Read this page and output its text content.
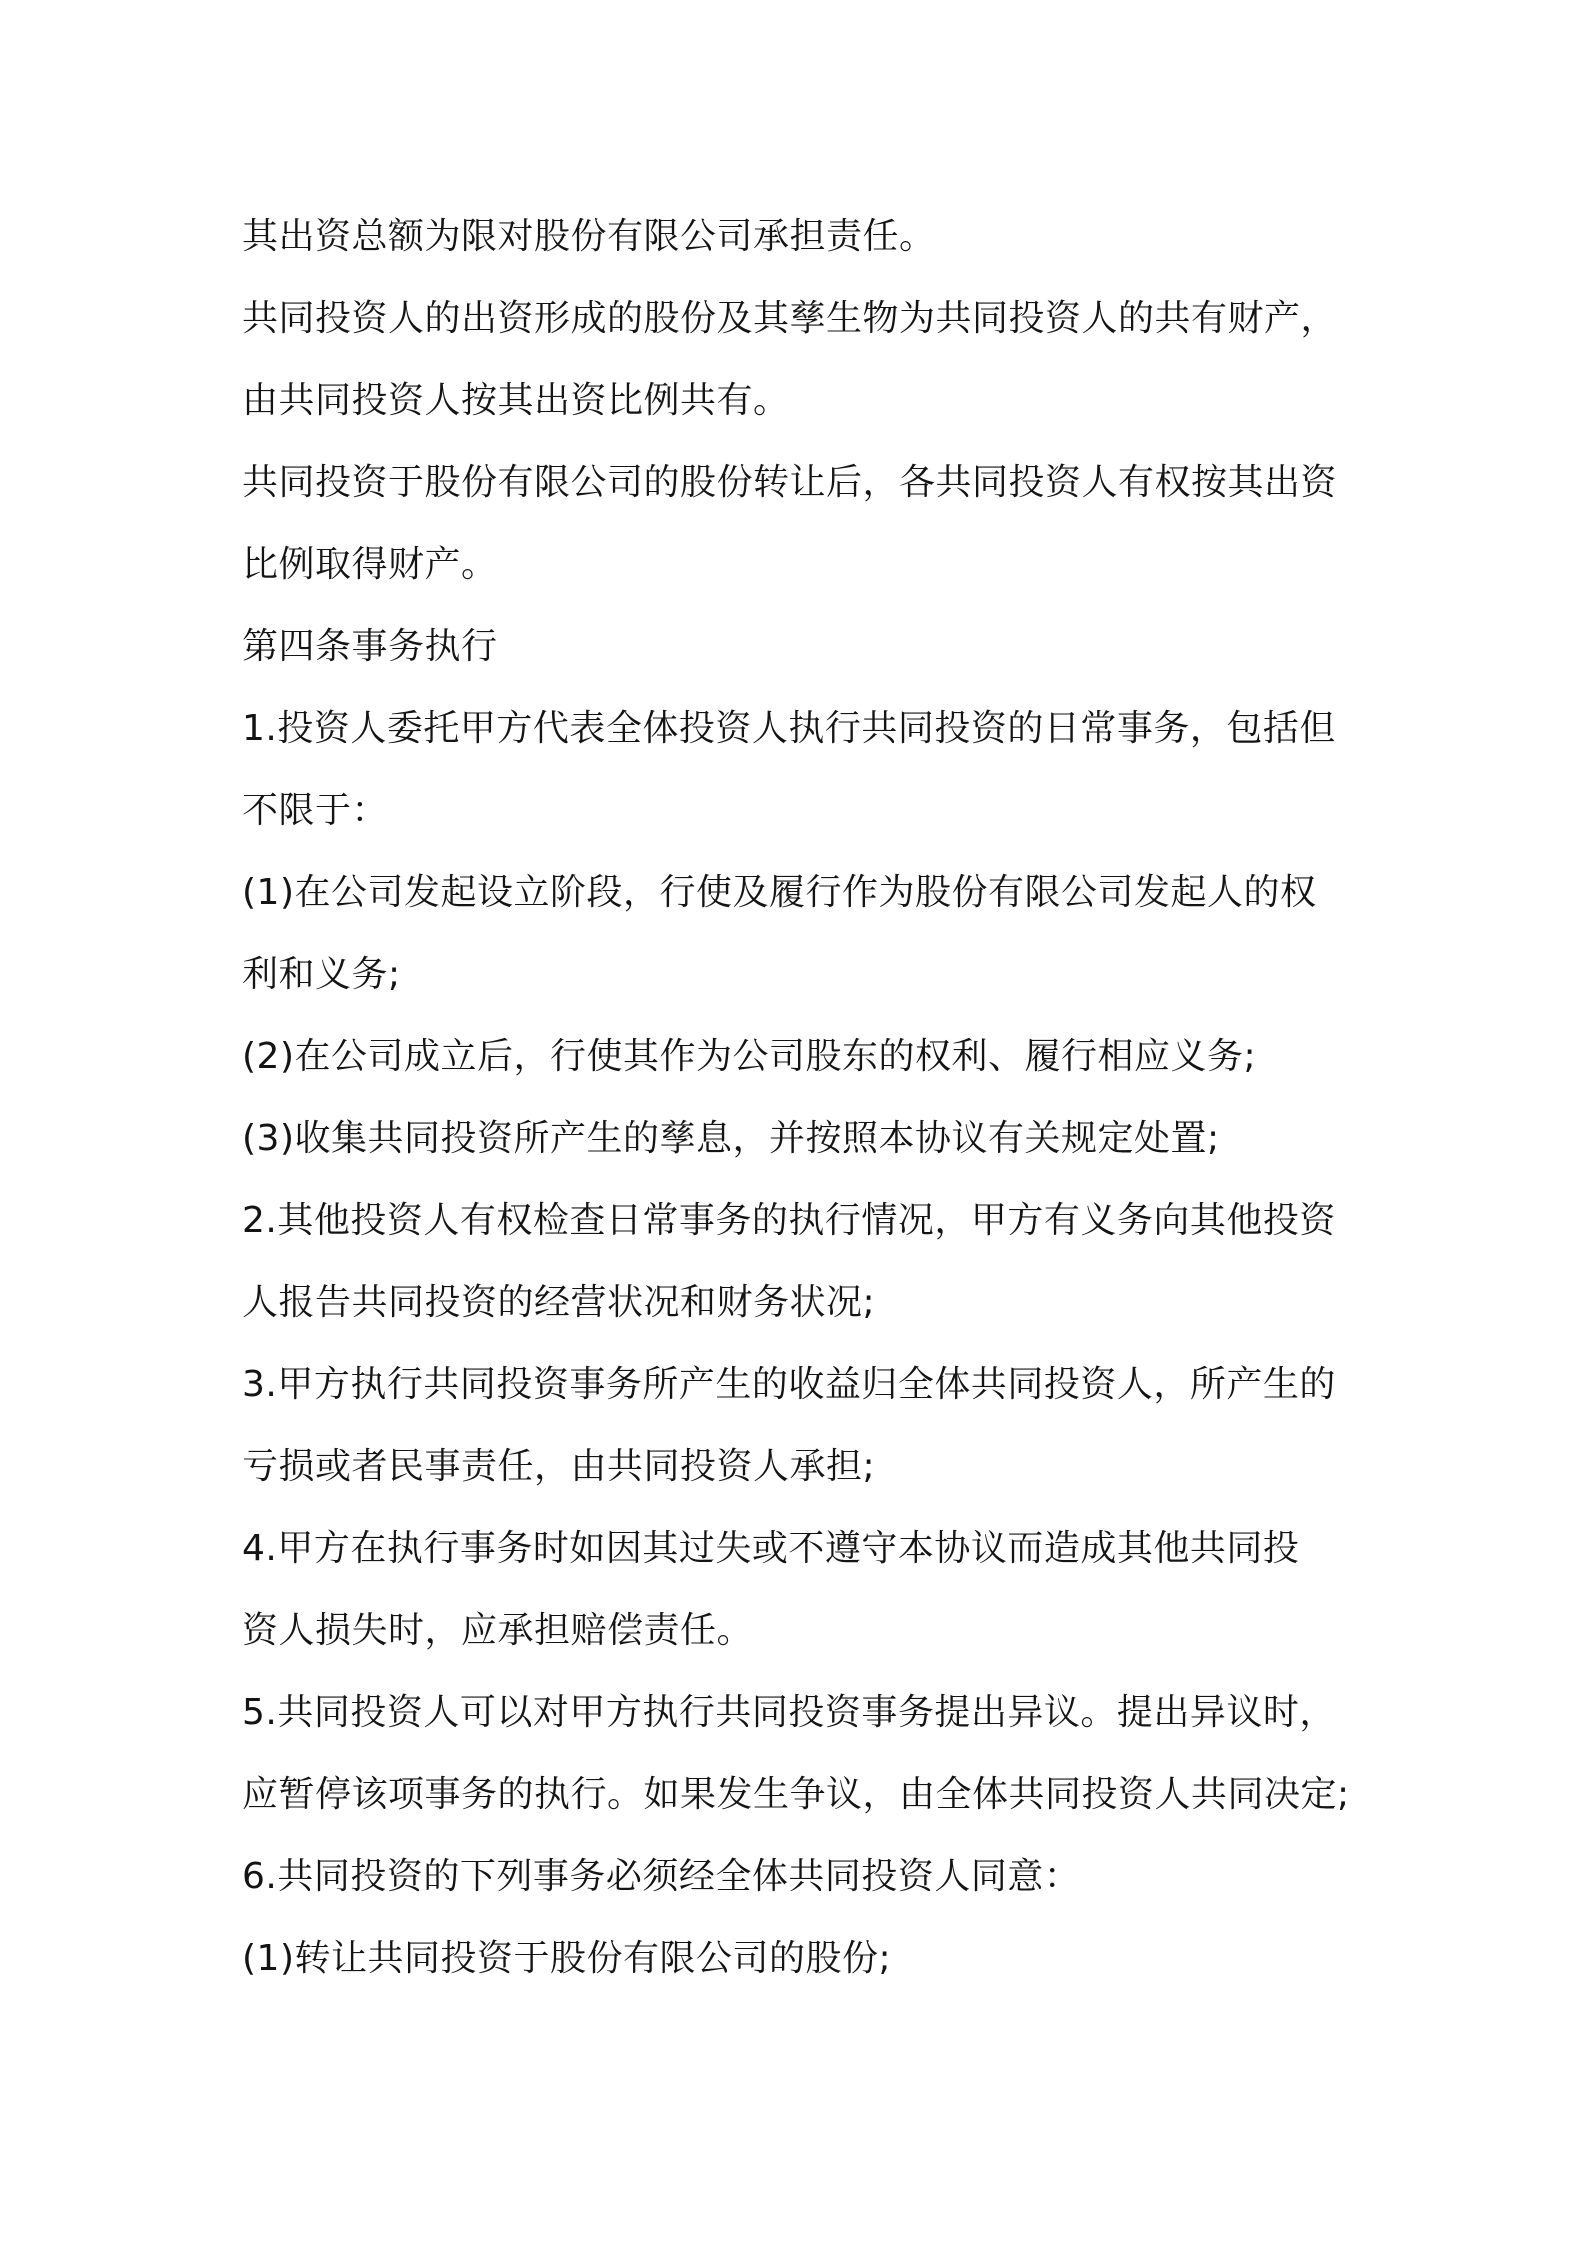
其出资总额为限对股份有限公司承担责任。
共同投资人的出资形成的股份及其孳生物为共同投资人的共有财产，
由共同投资人按其出资比例共有。
共同投资于股份有限公司的股份转让后，各共同投资人有权按其出资
比例取得财产。
第四条事务执行
1.投资人委托甲方代表全体投资人执行共同投资的日常事务，包括但
不限于：
(1)在公司发起设立阶段，行使及履行作为股份有限公司发起人的权
利和义务;
(2)在公司成立后，行使其作为公司股东的权利、履行相应义务;
(3)收集共同投资所产生的孳息，并按照本协议有关规定处置;
2.其他投资人有权检查日常事务的执行情况，甲方有义务向其他投资
人报告共同投资的经营状况和财务状况;
3.甲方执行共同投资事务所产生的收益归全体共同投资人，所产生的
亏损或者民事责任，由共同投资人承担;
4.甲方在执行事务时如因其过失或不遵守本协议而造成其他共同投
资人损失时，应承担赔偿责任。
5.共同投资人可以对甲方执行共同投资事务提出异议。提出异议时，
应暂停该项事务的执行。如果发生争议，由全体共同投资人共同决定;
6.共同投资的下列事务必须经全体共同投资人同意：
(1)转让共同投资于股份有限公司的股份;
